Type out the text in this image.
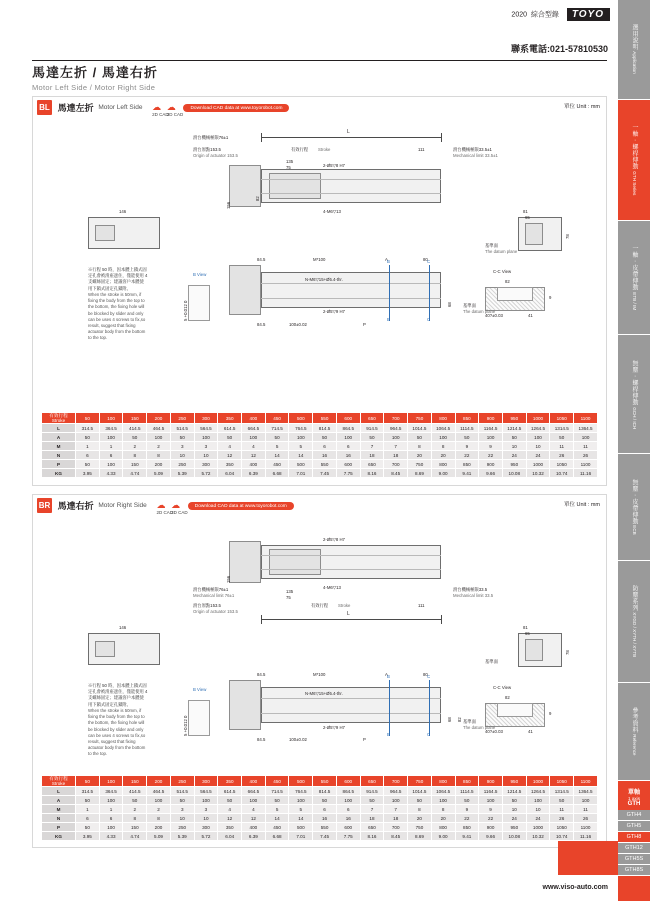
2020 綜合型錄 TOYO
聯系電話:021-57810530
馬達左折 / 馬達右折
Motor Left Side / Motor Right Side
BL 馬達左折 Motor Left Side ☁
2D CAD
☁
3D CAD
Download CAD data at www.toyorobot.com	單位 Unit : mm
L
滑台原點153.5
Origin of actuator 153.5
有效行程 Stroke	111	滑台機械極限33.5±1
Mechanical limit 33.5±1
滑台機械極限76±1
135
75	2-Ø5▽8 H7
4-M6▽13
156
82
146	81
65
78
基準面
The datum plane
84.5	M*100	A	80
N-M6▽15+Ø5.4-thr.
B	C
B	C
68
2-Ø5▽9 H7
84.5	100±0.02	P
B View
5 +0.012 0
C-C View
82
9
40?±0.03	41
基準面
The datum plane
※行程 50 時，因本體上鎖式固定孔會被滑座遮住，僅能使用 4 支螺絲固定；建議客戶本體使用下鎖式固定孔鎖附。
When the stroke is 50mm, if fixing the body from the top to the bottom, the fixing hole will be blocked by slider and only can be uses 4 screws to fix,so result, suggest that fixing actuator body from the bottom to the top.
有效行程
Stroke	50	100	150	200	250	300	350	400	450	500	550	600	650	700	750	800	850	900	950	1000	1050	1100
L	314.5	364.5	414.5	464.5	514.5	564.5	614.5	664.5	714.5	764.5	814.5	864.5	914.5	964.5	1014.5	1064.5	1114.5	1164.5	1214.5	1264.5	1314.5	1364.5
A	50	100	50	100	50	100	50	100	50	100	50	100	50	100	50	100	50	100	50	100	50	100
M	1	1	2	2	3	3	4	4	5	5	6	6	7	7	8	8	9	9	10	10	11	11
N	6	6	8	8	10	10	12	12	14	14	16	16	18	18	20	20	22	22	24	24	26	26
P	50	100	150	200	250	300	350	400	450	500	550	600	650	700	750	800	850	900	950	1000	1050	1100
KG	3.95	4.33	4.74	5.09	5.39	5.72	6.04	6.39	6.68	7.01	7.45	7.75	8.16	8.45	8.69	9.00	9.41	9.66	10.08	10.32	10.74	11.16
BR 馬達右折 Motor Right Side ☁
2D CAD
☁
3D CAD
Download CAD data at www.toyorobot.com	單位 Unit : mm
156
2-Ø5▽8 H7
4-M6▽13
滑台機械極限76±1
Mechanical limit 76±1
滑台原點153.5
Origin of actuator 153.5
135
75
滑台機械極限33.5
Mechanical limit 33.5
有效行程 Stroke	111
L
146	81
65
78
基準面
84.5	M*100	A	80
N-M6▽15+Ø5.4-thr.
B	C
B	C
68 82
2-Ø5▽9 H7
84.5	100±0.02	P
B View
5 +0.012 0
C-C View
82
9
40?±0.03	41
基準面
The datum plane
※行程 50 時，因本體上鎖式固定孔會被滑座遮住，僅能使用 4 支螺絲固定；建議客戶本體使用下鎖式固定孔鎖附。
When the stroke is 50mm, if fixing the body from the top to the bottom, the fixing hole will be blocked by slider and only can be uses 4 screws to fix,so result, suggest that fixing actuator body from the bottom to the top.
有效行程
Stroke	50	100	150	200	250	300	350	400	450	500	550	600	650	700	750	800	850	900	950	1000	1050	1100
L	314.5	364.5	414.5	464.5	514.5	564.5	614.5	664.5	714.5	764.5	814.5	864.5	914.5	964.5	1014.5	1064.5	1114.5	1164.5	1214.5	1264.5	1314.5	1364.5
A	50	100	50	100	50	100	50	100	50	100	50	100	50	100	50	100	50	100	50	100	50	100
M	1	1	2	2	3	3	4	4	5	5	6	6	7	7	8	8	9	9	10	10	11	11
N	6	6	8	8	10	10	12	12	14	14	16	16	18	18	20	20	22	22	24	24	26	26
P	50	100	150	200	250	300	350	400	450	500	550	600	650	700	750	800	850	900	950	1000	1050	1100
KG	3.95	4.33	4.74	5.09	5.39	5.72	6.04	6.39	6.68	7.01	7.45	7.75	8.16	8.45	8.69	9.00	9.41	9.66	10.08	10.32	10.74	11.16
選用說明
Application
一軸 ‧ 螺桿傳動
GTH Series
一軸 ‧ 皮帶傳動
ETB / IM
無塵 ‧ 螺桿傳動
GCH / ICH
無塵 ‧ 皮帶傳動
ECB
防塵系列
XYGD / XYTH / XYTB
參考資料
Reference
單軸
1 axis
GTH
GTH4
GTH5
GTH8
GTH12
GTH5S
GTH8S
www.viso-auto.com
